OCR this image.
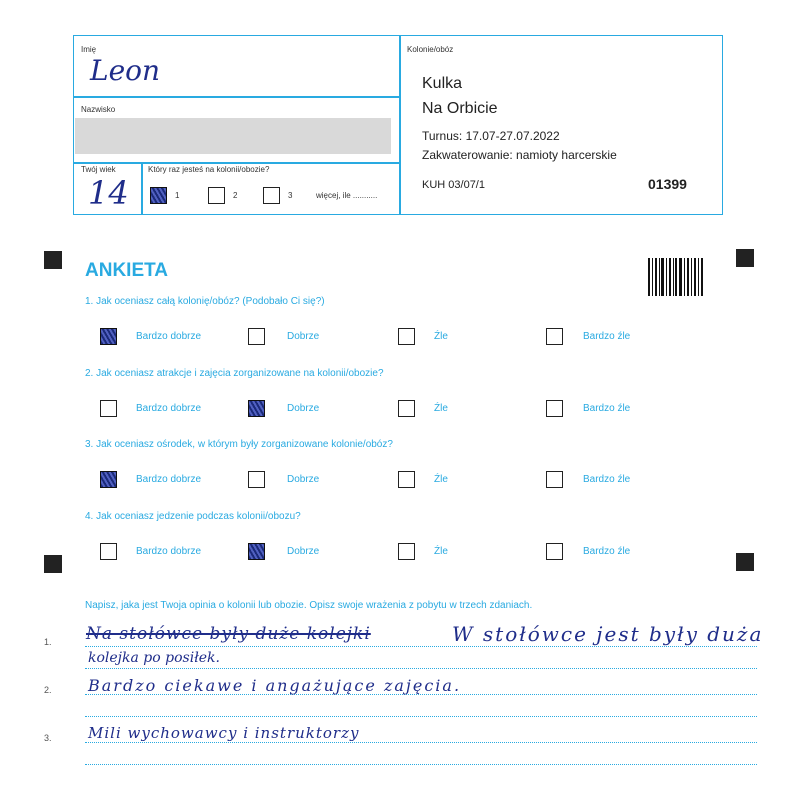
Imię
Leon
Nazwisko
Twój wiek
14
Który raz jesteś na kolonii/obozie?
1	2	3	więcej, ile ...........
Kolonie/obóz
Kulka
Na Orbicie
Turnus: 17.07-27.07.2022
Zakwaterowanie: namioty harcerskie
KUH 03/07/1	01399
ANKIETA
1. Jak oceniasz całą kolonię/obóz? (Podobało Ci się?)
Bardzo dobrze	Dobrze	Źle	Bardzo źle
2. Jak oceniasz atrakcje i zajęcia zorganizowane na kolonii/obozie?
Bardzo dobrze	Dobrze	Źle	Bardzo źle
3. Jak oceniasz ośrodek, w którym były zorganizowane kolonie/obóz?
Bardzo dobrze	Dobrze	Źle	Bardzo źle
4. Jak oceniasz jedzenie podczas kolonii/obozu?
Bardzo dobrze	Dobrze	Źle	Bardzo źle
Napisz, jaka jest Twoja opinia o kolonii lub obozie. Opisz swoje wrażenia z pobytu w trzech zdaniach.
1.
2.
3.
Na stołówce były duże kolejki	W stołówce jest były duża
kolejka po posiłek.
Bardzo ciekawe i angażujące zajęcia.
Mili wychowawcy i instruktorzy
